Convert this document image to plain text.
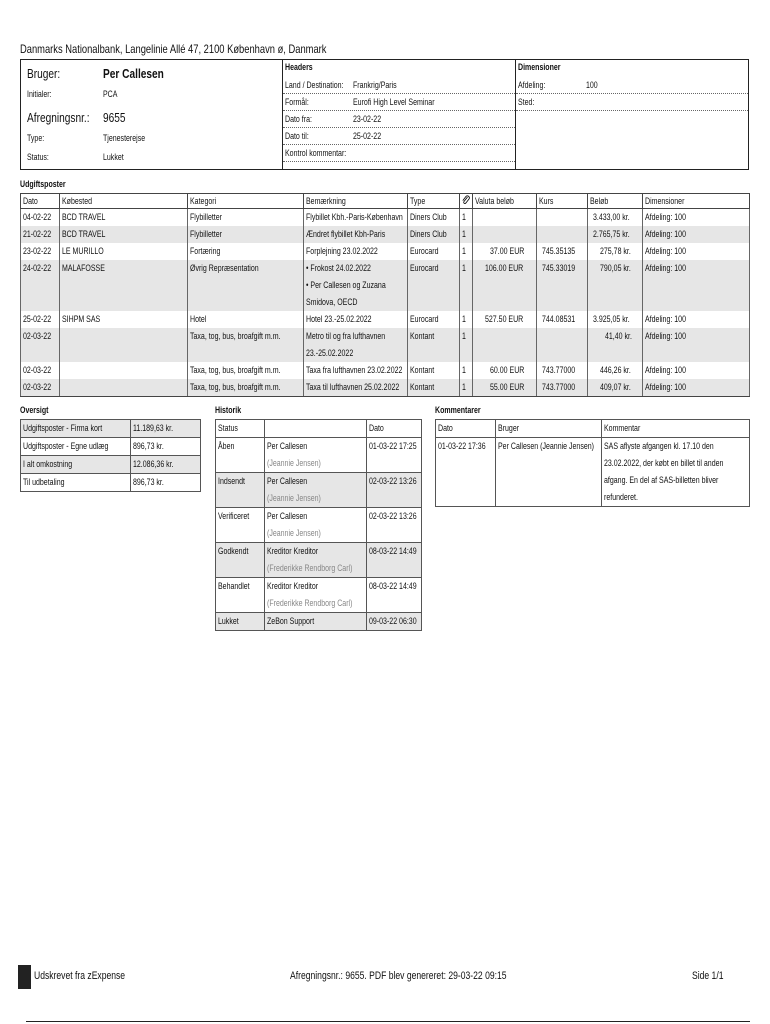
Danmarks Nationalbank, Langelinie Allé 47, 2100 København ø, Danmark
Bruger:	Per Callesen
Initialer:	PCA
Afregningsnr.: 9655
Type:	Tjenesterejse
Status:	Lukket
Headers
Land / Destination: Frankrig/Paris
Formål:	Eurofi High Level Seminar
Dato fra:	23-02-22
Dato til:	25-02-22
Kontrol kommentar:
Dimensioner
Afdeling:	100
Sted:
Udgiftsposter
Dato	Købested	Kategori	Bemærkning	Type		Valuta beløb	Kurs	Beløb	Dimensioner
04-02-22	BCD TRAVEL	Flybilletter	Flybillet Kbh.-Paris-København	Diners Club	1			3.433,00 kr.	Afdeling: 100
21-02-22	BCD TRAVEL	Flybilletter	Ændret flybillet Kbh-Paris	Diners Club	1			2.765,75 kr.	Afdeling: 100
23-02-22	LE MURILLO	Fortæring	Forplejning 23.02.2022	Eurocard	1	37.00 EUR	745.35135	275,78 kr.	Afdeling: 100
24-02-22	MALAFOSSE	Øvrig Repræsentation	• Frokost 24.02.2022
• Per Callesen og Zuzana Smidova, OECD	Eurocard	1	106.00 EUR	745.33019	790,05 kr.	Afdeling: 100
25-02-22	SIHPM SAS	Hotel	Hotel 23.-25.02.2022	Eurocard	1	527.50 EUR	744.08531	3.925,05 kr.	Afdeling: 100
02-03-22		Taxa, tog, bus, broafgift m.m.	Metro til og fra lufthavnen 23.-25.02.2022	Kontant	1			41,40 kr.	Afdeling: 100
02-03-22		Taxa, tog, bus, broafgift m.m.	Taxa fra lufthavnen 23.02.2022	Kontant	1	60.00 EUR	743.77000	446,26 kr.	Afdeling: 100
02-03-22		Taxa, tog, bus, broafgift m.m.	Taxa til lufthavnen 25.02.2022	Kontant	1	55.00 EUR	743.77000	409,07 kr.	Afdeling: 100
Oversigt
Udgiftsposter - Firma kort	11.189,63 kr.
Udgiftsposter - Egne udlæg	896,73 kr.
I alt omkostning	12.086,36 kr.
Til udbetaling	896,73 kr.
Historik
Status		Dato
Åben	Per Callesen(Jeannie Jensen)	01-03-22 17:25
Indsendt	Per Callesen(Jeannie Jensen)	02-03-22 13:26
Verificeret	Per Callesen(Jeannie Jensen)	02-03-22 13:26
Godkendt	Kreditor Kreditor(Frederikke Rendborg Carl)	08-03-22 14:49
Behandlet	Kreditor Kreditor(Frederikke Rendborg Carl)	08-03-22 14:49
Lukket	ZeBon Support	09-03-22 06:30
Kommentarer
Dato	Bruger	Kommentar
01-03-22 17:36	Per Callesen (Jeannie Jensen)	SAS aflyste afgangen kl. 17.10 den 23.02.2022, der købt en billet til anden afgang. En del af SAS-billetten bliver refunderet.
Udskrevet fra zExpense	Afregningsnr.: 9655. PDF blev genereret: 29-03-22 09:15	Side 1/1
